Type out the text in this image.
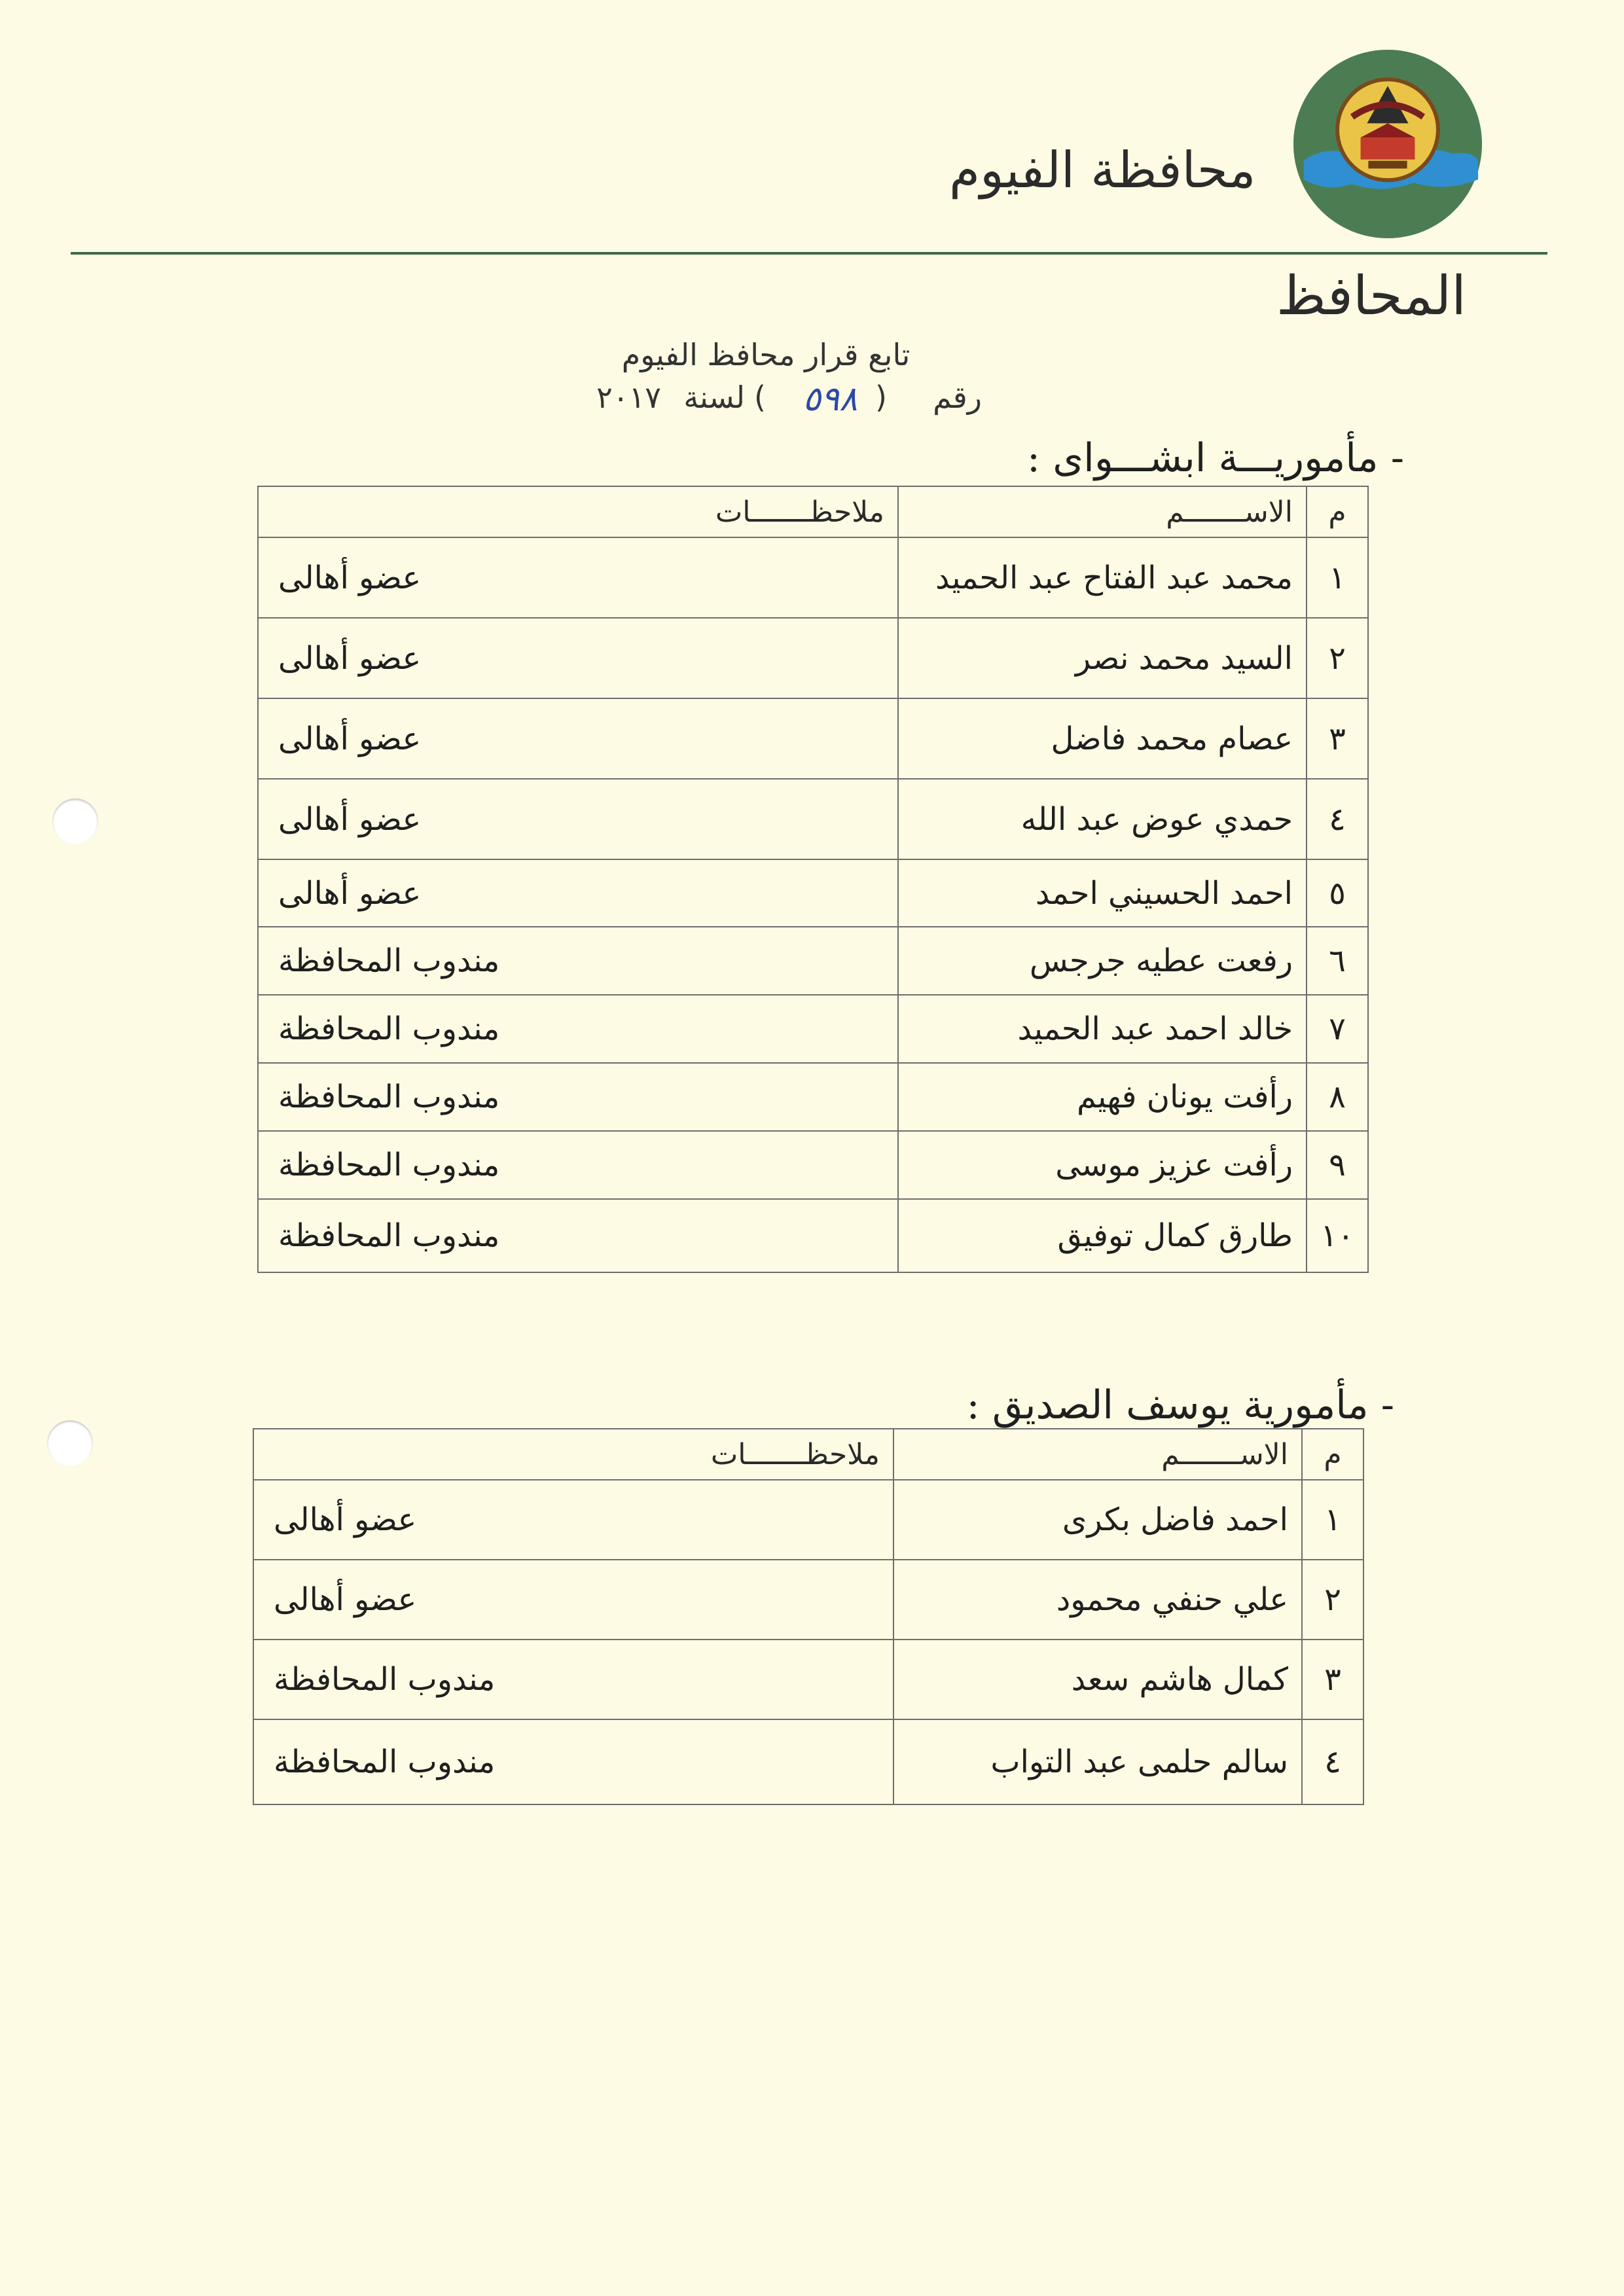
محافظة الفيوم
المحافظ
تابع قرار محافظ الفيوم
رقم
(
٥٩٨
)
لسنة
٢٠١٧
- مأموريـــة ابشـــواى :
م	الاســـــــم	ملاحظـــــــات
١	محمد عبد الفتاح عبد الحميد	عضو أهالى
٢	السيد محمد نصر	عضو أهالى
٣	عصام محمد فاضل	عضو أهالى
٤	حمدي عوض عبد الله	عضو أهالى
٥	احمد الحسيني احمد	عضو أهالى
٦	رفعت عطيه جرجس	مندوب المحافظة
٧	خالد احمد عبد الحميد	مندوب المحافظة
٨	رأفت يونان فهيم	مندوب المحافظة
٩	رأفت عزيز موسى	مندوب المحافظة
١٠	طارق كمال توفيق	مندوب المحافظة
- مأمورية يوسف الصديق :
م	الاســـــــم	ملاحظـــــــات
١	احمد فاضل بكرى	عضو أهالى
٢	علي حنفي محمود	عضو أهالى
٣	كمال هاشم سعد	مندوب المحافظة
٤	سالم حلمى عبد التواب	مندوب المحافظة
